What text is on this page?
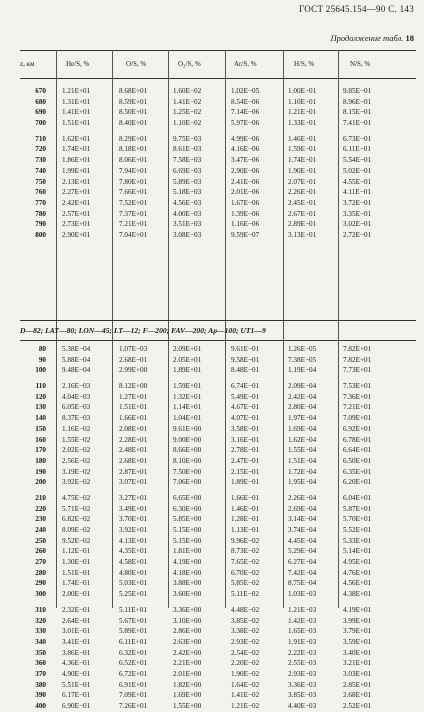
ГОСТ 25645.154—90 С. 143
Продолжение табл. 18
z, км	He/S, %	O/S, %	O₂/S, %	Ar/S, %	H/S, %	N/S, %
670 1.21E+01	8.68E+01	1.60E−02	1.02E−05	1.00E−01	9.85E−01
680 1.31E+01	8.59E+01	1.41E−02	8.54E−06	1.10E−01	8.96E−01
690 1.41E+01	8.50E+01	1.25E−02	7.14E−06	1.21E−01	8.15E−01
700 1.51E+01	8.40E+01	1.10E−02	5.97E−06	1.33E−01	7.41E−01
710 1.62E+01	8.29E+01	9.75E−03	4.99E−06	1.46E−01	6.73E−01
720 1.74E+01	8.18E+01	8.61E−03	4.16E−06	1.59E−01	6.11E−01
730 1.86E+01	8.06E+01	7.58E−03	3.47E−06	1.74E−01	5.54E−01
740 1.99E+01	7.94E+01	6.69E−03	2.90E−06	1.90E−01	5.02E−01
750 2.13E+01	7.80E+01	5.89E−03	2.41E−06	2.07E−01	4.55E−01
760 2.27E+01	7.66E+01	5.18E−03	2.01E−06	2.26E−01	4.11E−01
770 2.42E+01	7.52E+01	4.56E−03	1.67E−06	2.45E−01	3.72E−01
780 2.57E+01	7.37E+01	4.00E−03	1.39E−06	2.67E−01	3.35E−01
790 2.73E+01	7.21E+01	3.51E−03	1.16E−06	2.89E−01	3.02E−01
800 2.90E+01	7.04E+01	3.08E−03	9.59E−07	3.13E−01	2.72E−01
D—82; LAT—80; LON—45; LT—12; F—200; FAV—200; Ap—100; UT1—9
80 5.38E−04	1.07E−03	2.09E+01	9.61E−01	1.26E−05	7.82E+01
90 5.88E−04	2.68E−01	2.05E+01	9.58E−01	7.38E−05	7.82E+01
100 9.48E−04	2.99E+00	1.89E+01	8.48E−01	1.19E−04	7.73E+01
110 2.16E−03	8.12E+00	1.59E+01	6.74E−01	2.09E−04	7.53E+01
120 4.04E−03	1.27E+01	1.32E+01	5.49E−01	2.42E−04	7.36E+01
130 6.05E−03	1.51E+01	1.14E+01	4.67E−01	2.80E−04	7.21E+01
140 8.37E−03	1.66E+01	1.04E+01	4.07E−01	1.97E−04	7.09E+01
150 1.16E−02	2.08E+01	9.61E+00	3.58E−01	1.69E−04	6.92E+01
160 1.55E−02	2.28E+01	9.00E+00	3.16E−01	1.62E−04	6.78E+01
170 2.02E−02	2.48E+01	8.66E+00	2.78E−01	1.55E−04	6.64E+01
180 2.56E−02	2.68E+01	8.10E+00	2.47E−01	1.51E−04	6.50E+01
190 3.19E−02	2.87E+01	7.50E+00	2.15E−01	1.72E−04	6.35E+01
200 3.92E−02	3.07E+01	7.06E+00	1.89E−01	1.95E−04	6.20E+01
210 4.75E−02	3.27E+01	6.65E+00	1.66E−01	2.26E−04	6.04E+01
220 5.71E−02	3.49E+01	6.30E+00	1.46E−01	2.69E−04	5.87E+01
230 6.82E−02	3.70E+01	5.85E+00	1.28E−01	3.14E−04	5.70E+01
240 8.09E−02	3.92E+01	5.15E+00	1.13E−01	3.74E−04	5.52E+01
250 9.52E−02	4.13E+01	5.15E+00	9.96E−02	4.45E−04	5.33E+01
260 1.12E−01	4.35E+01	1.81E+00	8.73E−02	5.29E−04	5.14E+01
270 1.30E−01	4.58E+01	4.19E+00	7.65E−02	6.27E−04	4.95E+01
280 1.51E−01	4.80E+01	4.18E+00	6.70E−02	7.42E−04	4.76E+01
290 1.74E−01	5.03E+01	3.88E+00	5.85E−02	8.75E−04	4.56E+01
300 2.00E−01	5.25E+01	3.60E+00	5.11E−02	1.03E−03	4.38E+01
310 2.32E−01	5.11E+01	3.36E+00	4.48E−02	1.21E−03	4.19E+01
320 2.64E−01	5.67E+01	3.10E+00	3.85E−02	1.42E−03	3.99E+01
330 3.01E−01	5.89E+01	2.86E+00	3.38E−02	1.65E−03	3.79E+01
340 3.41E−01	6.11E+01	2.63E+00	2.93E−02	1.91E−03	3.59E+01
350 3.86E−01	6.32E+01	2.42E+00	2.54E−02	2.22E−03	3.40E+01
360 4.36E−01	6.52E+01	2.21E+00	2.20E−02	2.55E−03	3.21E+01
370 4.90E−01	6.72E+01	2.01E+00	1.90E−02	2.93E−03	3.03E+01
380 5.51E−01	6.91E+01	1.82E+00	1.64E−02	3.36E−03	2.85E+01
390 6.17E−01	7.09E+01	1.69E+00	1.41E−02	3.85E−03	2.68E+01
400 6.90E−01	7.26E+01	1.55E+00	1.21E−02	4.40E−03	2.52E+01
